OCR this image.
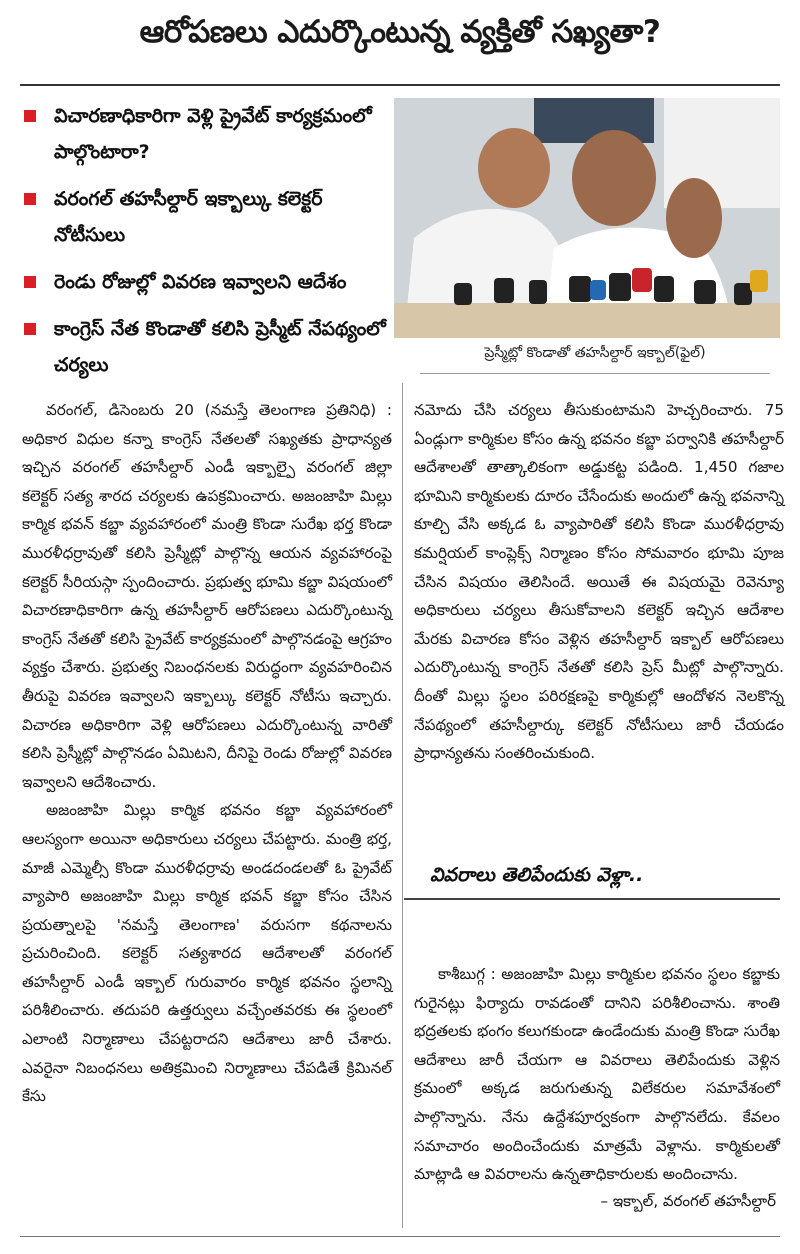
ఆరోపణలు ఎదుర్కొంటున్న వ్యక్తితో సఖ్యతా?
విచారణాధికారిగా వెళ్లి ప్రైవేట్ కార్యక్రమంలో పాల్గొంటారా?
వరంగల్ తహసీల్దార్ ఇక్బాల్కు కలెక్టర్ నోటీసులు
రెండు రోజుల్లో వివరణ ఇవ్వాలని ఆదేశం
కాంగ్రెస్ నేత కొండాతో కలిసి ప్రెస్మీట్ నేపథ్యంలో చర్యలు
ప్రెస్మీట్లో కొండాతో తహసీల్దార్ ఇక్బాల్(ఫైల్)

వరంగల్, డిసెంబరు 20 (నమస్తే తెలంగాణ ప్రతినిధి) : అధికార విధుల కన్నా కాంగ్రెస్ నేతలతో సఖ్యతకు ప్రాధాన్యత ఇచ్చిన వరంగల్ తహసీల్దార్ ఎండీ ఇక్బాల్పై వరంగల్ జిల్లా కలెక్టర్ సత్య శారద చర్యలకు ఉపక్రమించారు. అజంజాహి మిల్లు కార్మిక భవన్ కబ్జా వ్యవహారంలో మంత్రి కొండా సురేఖ భర్త కొండా మురళీధర్రావుతో కలిసి ప్రెస్మీట్లో పాల్గొన్న ఆయన వ్యవహారంపై కలెక్టర్ సీరియస్గా స్పందించారు. ప్రభుత్వ భూమి కబ్జా విషయంలో విచారణాధికారిగా ఉన్న తహసీల్దార్ ఆరోపణలు ఎదుర్కొంటున్న కాంగ్రెస్ నేతతో కలిసి ప్రైవేట్ కార్యక్రమంలో పాల్గొనడంపై ఆగ్రహం వ్యక్తం చేశారు. ప్రభుత్వ నిబంధనలకు విరుద్ధంగా వ్యవహరించిన తీరుపై వివరణ ఇవ్వాలని ఇక్బాల్కు కలెక్టర్ నోటీసు ఇచ్చారు. విచారణ అధికారిగా వెళ్లి ఆరోపణలు ఎదుర్కొంటున్న వారితో కలిసి ప్రెస్మీట్లో పాల్గొనడం ఏమిటని, దీనిపై రెండు రోజుల్లో వివరణ ఇవ్వాలని ఆదేశించారు.

అజంజాహి మిల్లు కార్మిక భవనం కబ్జా వ్యవహారంలో ఆలస్యంగా అయినా అధికారులు చర్యలు చేపట్టారు. మంత్రి భర్త, మాజీ ఎమ్మెల్సీ కొండా మురళీధర్రావు అండదండలతో ఓ ప్రైవేట్ వ్యాపారి అజంజాహి మిల్లు కార్మిక భవన్ కబ్జా కోసం చేసిన ప్రయత్నాలపై 'నమస్తే తెలంగాణ' వరుసగా కథనాలను ప్రచురించింది. కలెక్టర్ సత్యశారద ఆదేశాలతో వరంగల్ తహసీల్దార్ ఎండీ ఇక్బాల్ గురువారం కార్మిక భవనం స్థలాన్ని పరిశీలించారు. తదుపరి ఉత్తర్వులు వచ్చేంతవరకు ఈ స్థలంలో ఎలాంటి నిర్మాణాలు చేపట్టరాదని ఆదేశాలు జారీ చేశారు. ఎవరైనా నిబంధనలు అతిక్రమించి నిర్మాణాలు చేపడితే క్రిమినల్ కేసు

నమోదు చేసి చర్యలు తీసుకుంటామని హెచ్చరించారు. 75 ఏండ్లుగా కార్మికుల కోసం ఉన్న భవనం కబ్జా పర్వానికి తహసీల్దార్ ఆదేశాలతో తాత్కాలికంగా అడ్డుకట్ట పడింది. 1,450 గజాల భూమిని కార్మికులకు దూరం చేసేందుకు అందులో ఉన్న భవనాన్ని కూల్చి వేసి అక్కడ ఓ వ్యాపారితో కలిసి కొండా మురళీధర్రావు కమర్షియల్ కాంప్లెక్స్ నిర్మాణం కోసం సోమవారం భూమి పూజ చేసిన విషయం తెలిసిందే. అయితే ఈ విషయమై రెవెన్యూ అధికారులు చర్యలు తీసుకోవాలని కలెక్టర్ ఇచ్చిన ఆదేశాల మేరకు విచారణ కోసం వెళ్లిన తహసీల్దార్ ఇక్బాల్ ఆరోపణలు ఎదుర్కొంటున్న కాంగ్రెస్ నేతతో కలిసి ప్రెస్ మీట్లో పాల్గొన్నారు. దీంతో మిల్లు స్థలం పరిరక్షణపై కార్మికుల్లో ఆందోళన నెలకొన్న నేపథ్యంలో తహసీల్దార్కు కలెక్టర్ నోటీసులు జారీ చేయడం ప్రాధాన్యతను సంతరించుకుంది.

వివరాలు తెలిపేందుకు వెళ్లా..

కాశీబుగ్గ : అజంజాహి మిల్లు కార్మికుల భవనం స్థలం కబ్జాకు గురైనట్లు ఫిర్యాదు రావడంతో దానిని పరిశీలించాను. శాంతి భద్రతలకు భంగం కలుగకుండా ఉండేందుకు మంత్రి కొండా సురేఖ ఆదేశాలు జారీ చేయగా ఆ వివరాలు తెలిపేందుకు వెళ్లిన క్రమంలో అక్కడ జరుగుతున్న విలేకరుల సమావేశంలో పాల్గొన్నాను. నేను ఉద్దేశపూర్వకంగా పాల్గొనలేదు. కేవలం సమాచారం అందించేందుకు మాత్రమే వెళ్లాను. కార్మికులతో మాట్లాడి ఆ వివరాలను ఉన్నతాధికారులకు అందించాను.

– ఇక్బాల్, వరంగల్ తహసీల్దార్
